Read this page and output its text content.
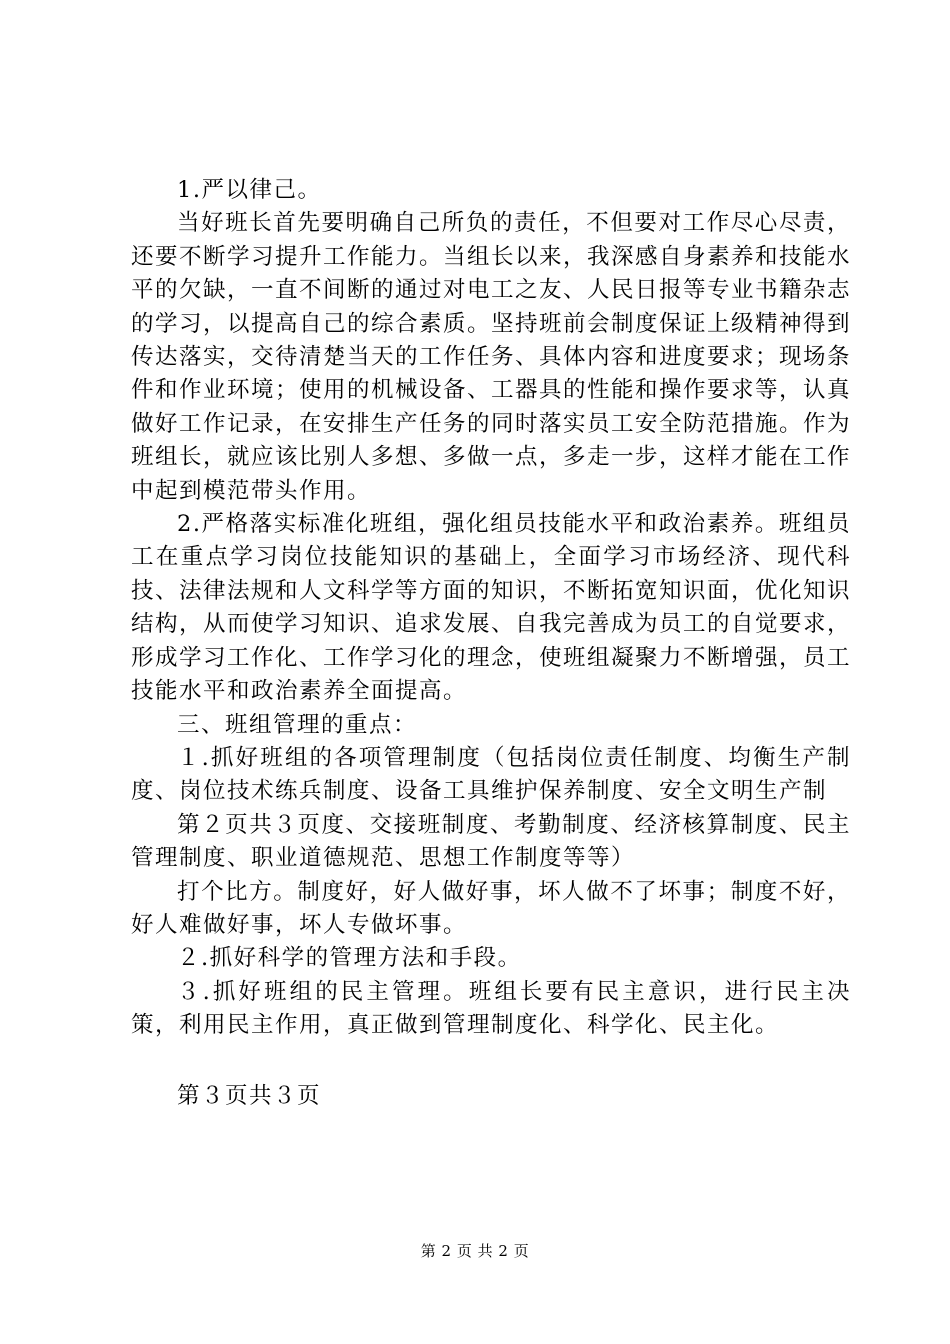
1.严以律己。

当好班长首先要明确自己所负的责任，不但要对工作尽心尽责，还要不断学习提升工作能力。当组长以来，我深感自身素养和技能水平的欠缺，一直不间断的通过对电工之友、人民日报等专业书籍杂志的学习，以提高自己的综合素质。坚持班前会制度保证上级精神得到传达落实，交待清楚当天的工作任务、具体内容和进度要求；现场条件和作业环境；使用的机械设备、工器具的性能和操作要求等，认真做好工作记录，在安排生产任务的同时落实员工安全防范措施。作为班组长，就应该比别人多想、多做一点，多走一步，这样才能在工作中起到模范带头作用。

2.严格落实标准化班组，强化组员技能水平和政治素养。班组员工在重点学习岗位技能知识的基础上，全面学习市场经济、现代科技、法律法规和人文科学等方面的知识，不断拓宽知识面，优化知识结构，从而使学习知识、追求发展、自我完善成为员工的自觉要求，形成学习工作化、工作学习化的理念，使班组凝聚力不断增强，员工技能水平和政治素养全面提高。

三、班组管理的重点：

１.抓好班组的各项管理制度（包括岗位责任制度、均衡生产制度、岗位技术练兵制度、设备工具维护保养制度、安全文明生产制

第２页共３页度、交接班制度、考勤制度、经济核算制度、民主管理制度、职业道德规范、思想工作制度等等）

打个比方。制度好，好人做好事，坏人做不了坏事；制度不好，好人难做好事，坏人专做坏事。

２.抓好科学的管理方法和手段。

３.抓好班组的民主管理。班组长要有民主意识，进行民主决策，利用民主作用，真正做到管理制度化、科学化、民主化。

第３页共３页
第 2 页 共 2 页
